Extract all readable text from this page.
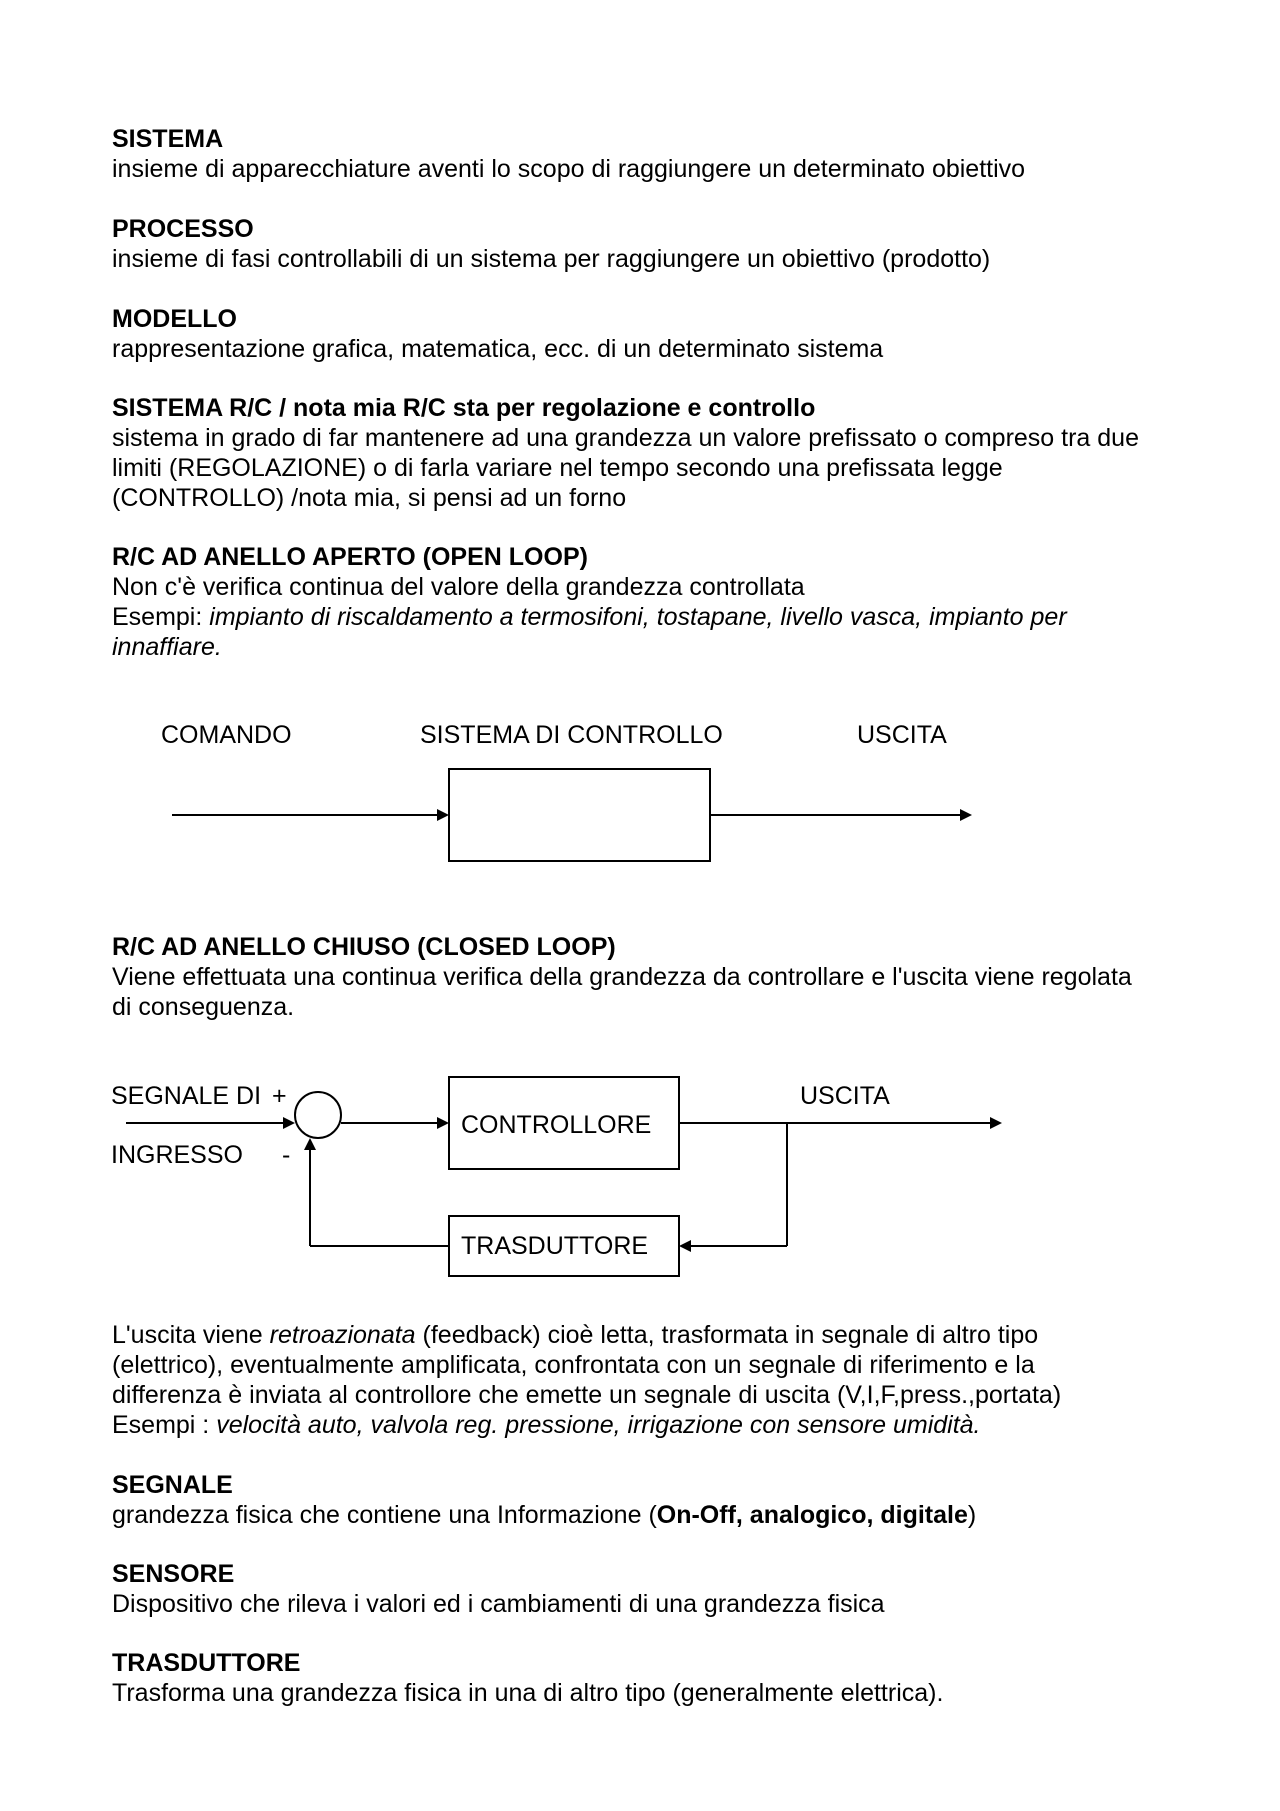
SISTEMA
insieme di apparecchiature aventi lo scopo di raggiungere un determinato obiettivo
PROCESSO
insieme di fasi controllabili di un sistema per raggiungere un obiettivo (prodotto)
MODELLO
rappresentazione grafica, matematica, ecc. di un determinato sistema
SISTEMA R/C / nota mia R/C sta per regolazione e controllo
sistema in grado di far mantenere ad una grandezza un valore prefissato o compreso tra due
limiti (REGOLAZIONE) o di farla variare nel tempo secondo una prefissata legge
(CONTROLLO) /nota mia, si pensi ad un forno
R/C AD ANELLO APERTO (OPEN LOOP)
Non c'è verifica continua del valore della grandezza controllata
Esempi: impianto di riscaldamento a termosifoni, tostapane, livello vasca, impianto per
innaffiare.
COMANDO	SISTEMA DI CONTROLLO	USCITA
R/C AD ANELLO CHIUSO (CLOSED LOOP)
Viene effettuata una continua verifica della grandezza da controllare e l'uscita viene regolata
di conseguenza.
SEGNALE DI +
INGRESSO -
USCITA
CONTROLLORE
TRASDUTTORE
L'uscita viene retroazionata (feedback) cioè letta, trasformata in segnale di altro tipo
(elettrico), eventualmente amplificata, confrontata con un segnale di riferimento e la
differenza è inviata al controllore che emette un segnale di uscita (V,I,F,press.,portata)
Esempi : velocità auto, valvola reg. pressione, irrigazione con sensore umidità.
SEGNALE
grandezza fisica che contiene una Informazione (On-Off, analogico, digitale)
SENSORE
Dispositivo che rileva i valori ed i cambiamenti di una grandezza fisica
TRASDUTTORE
Trasforma una grandezza fisica in una di altro tipo (generalmente elettrica).
